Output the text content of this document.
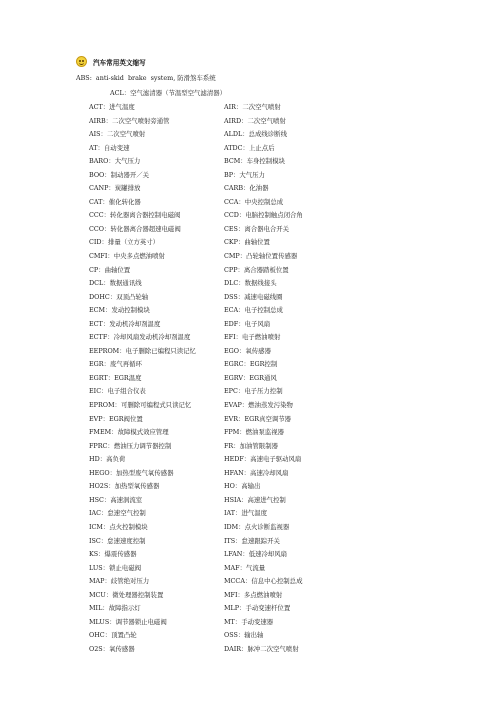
汽车常用英文缩写
ABS:  anti-skid  brake  system, 防滑煞车系统
ACL：空气滤清器（节温型空气滤清器）
ACT：进气温度	AIR：二次空气喷射
AIRB：二次空气喷射旁通管	AIRD：二次空气喷射
AIS：二次空气喷射	ALDL：总成线诊断线
AT：自动变速	ATDC：上止点后
BARO：大气压力	BCM：车身控制模块
BOO：制动器开／关	BP：大气压力
CANP：炭罐排放	CARB：化油器
CAT：催化转化器	CCA：中央控制总成
CCC：转化器离合器控制电磁阀	CCD：电脑控制触点闭合角
CCO：转化器离合器超速电磁阀	CES：离合器电合开关
CID：排量（立方英寸）	CKP：曲轴位置
CMFI：中央多点燃油喷射	CMP：凸轮轴位置传感器
CP：曲轴位置	CPP：离合器踏板位置
DCL：数据通讯线	DLC：数据线接头
DOHC：双顶凸轮轴	DSS：减速电磁线圈
ECM：发动控制模块	ECA：电子控制总成
ECT：发动机冷却剂温度	EDF：电子风扇
ECTF：冷却风扇发动机冷却剂温度	EFI：电子燃油喷射
EEPROM：电子删除已编程只读记忆	EGO：氧传感器
EGR：废气再循环	EGRC：EGR控制
EGRT：EGR温度	EGRV：EGR通风
EIC：电子组合仪表	EPC：电子压力控制
EPROM：可删除可编程式只读记忆	EVAP：燃油蒸发污染物
EVP：EGR阀位置	EVR：EGR真空调节器
FMEM：故障模式效应管理	FPM：燃油泵监视器
FPRC：燃油压力调节器控制	FR：加油管限制器
HD：高负荷	HEDF：高速电子驱动风扇
HEGO：加热型废气氧传感器	HFAN：高速冷却风扇
HO2S：加热型氧传感器	HO：高输出
HSC：高速涡流室	HSIA：高速进气控制
IAC：怠速空气控制	IAT：进气温度
ICM：点火控制模块	IDM：点火诊断监视器
ISC：怠速速度控制	ITS：怠速跟踪开关
KS：爆震传感器	LFAN：低速冷却风扇
LUS：锁止电磁阀	MAF：气流量
MAP：歧管绝对压力	MCCA：信息中心控制总成
MCU：微处理器控制装置	MFI：多点燃油喷射
MIL：故障指示灯	MLP：手动变速杆位置
MLUS：调节器锁止电磁阀	MT：手动变速器
OHC：顶置凸轮	OSS：输出轴
O2S：氧传感器	DAIR：脉冲二次空气喷射
